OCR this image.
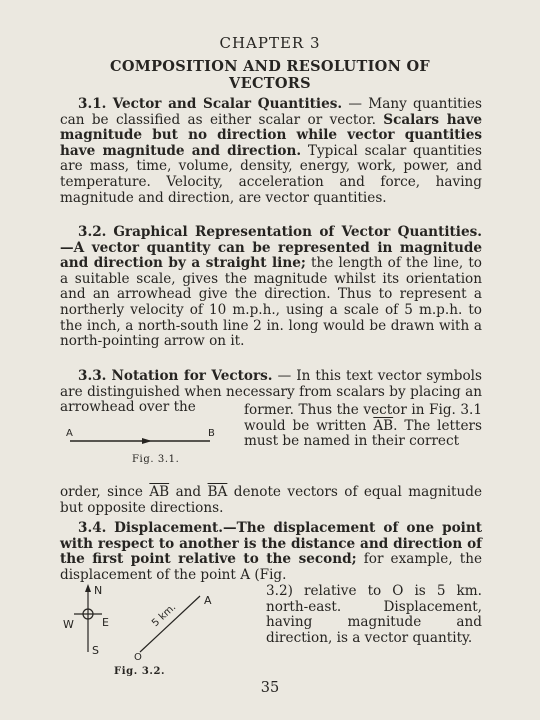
CHAPTER 3
COMPOSITION AND RESOLUTION OF
VECTORS

3.1. Vector and Scalar Quantities. — Many quantities can be classified as either scalar or vector. Scalars have magnitude but no direction while vector quantities have magnitude and direction. Typical scalar quantities are mass, time, volume, density, energy, work, power, and temperature. Velocity, acceleration and force, having magnitude and direction, are vector quantities.

3.2. Graphical Representation of Vector Quantities.—A vector quantity can be represented in magnitude and direction by a straight line; the length of the line, to a suitable scale, gives the magnitude whilst its orientation and an arrowhead give the direction. Thus to represent a northerly velocity of 10 m.p.h., using a scale of 5 m.p.h. to the inch, a north-south line 2 in. long would be drawn with a north-pointing arrow on it.

3.3. Notation for Vectors. — In this text vector symbols are distinguished when necessary from scalars by placing an arrowhead over the

A	B
Fig. 3.1.

former. Thus the vector in Fig. 3.1 would be written $\overline{AB}$. The letters must be named in their correct

order, since $\overline{AB}$ and $\overline{BA}$ denote vectors of equal magnitude but opposite directions.

3.4. Displacement.—The displacement of one point with respect to another is the distance and direction of the first point relative to the second; for example, the displacement of the point A (Fig.

N
W	E
S
5 km.
A
O
Fig. 3.2.

3.2) relative to O is 5 km. north-east. Displacement, having magnitude and direction, is a vector quantity.

35
